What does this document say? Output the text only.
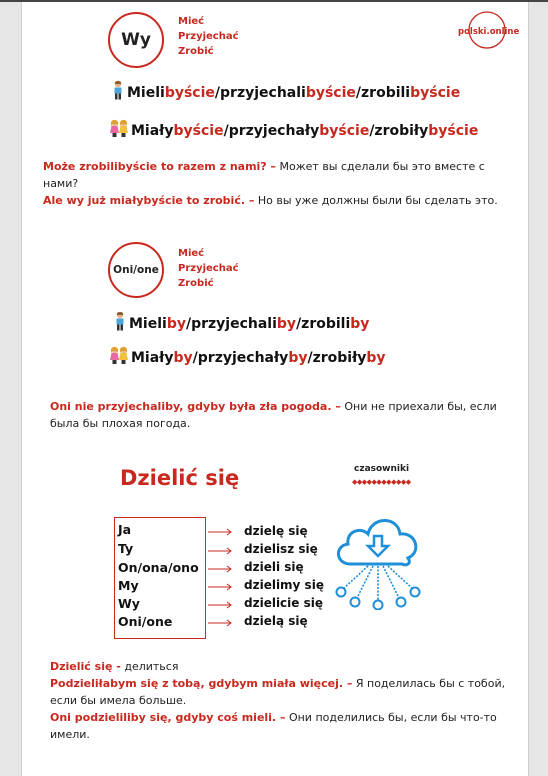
Wy
Mieć
Przyjechać
Zrobić
polski.online
Mielibyście/przyjechalibyście/zrobilibyście
Miałybyście/przyjechałybyście/zrobiłybyście
Może zrobilibyście to razem z nami? – Может вы сделали бы это вместе с нами?
Ale wy już miałybyście to zrobić. – Но вы уже должны были бы сделать это.
Oni/one
Mieć
Przyjechać
Zrobić
Mieliby/przyjechaliby/zrobiliby
Miałyby/przyjechałyby/zrobiłyby
Oni nie przyjechaliby, gdyby była zła pogoda. – Они не приехали бы, если была бы плохая погода.
Dzielić się	czasowniki
◆◆◆◆◆◆◆◆◆◆◆◆
Ja
Ty
On/ona/ono
My
Wy
Oni/one
dzielę się
dzielisz się
dzieli się
dzielimy się
dzielicie się
dzielą się
Dzielić się - делиться
Podzieliłabym się z tobą, gdybym miała więcej. – Я поделилась бы с тобой, если бы имела больше.
Oni podzieliliby się, gdyby coś mieli. – Они поделились бы, если бы что-то имели.
